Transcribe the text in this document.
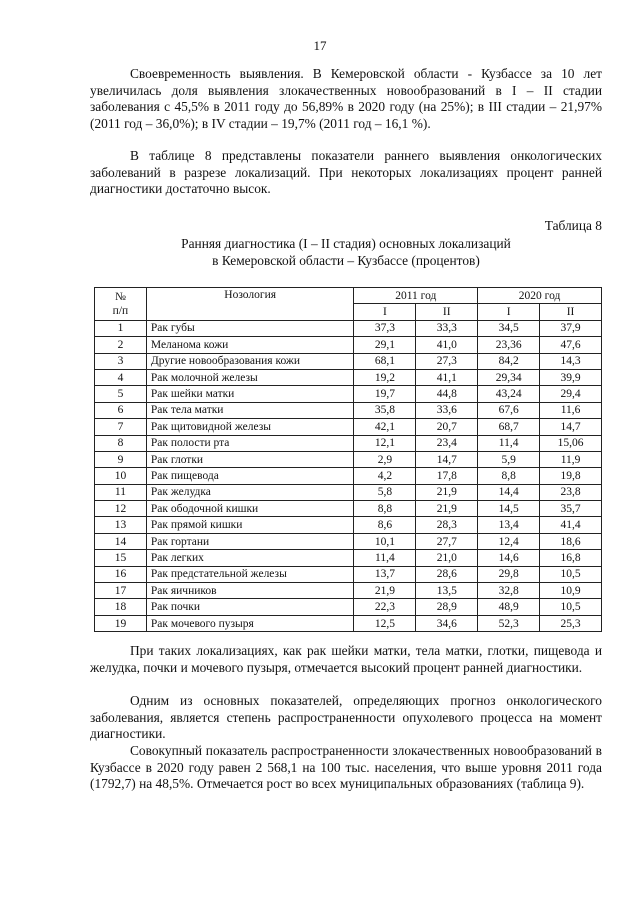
17

Своевременность выявления. В Кемеровской области - Кузбассе за 10 лет увеличилась доля выявления злокачественных новообразований в I – II стадии заболевания с 45,5% в 2011 году до 56,89% в 2020 году (на 25%); в III стадии – 21,97% (2011 год – 36,0%); в IV стадии – 19,7% (2011 год – 16,1 %).

В таблице 8 представлены показатели раннего выявления онкологических заболеваний в разрезе локализаций. При некоторых локализациях процент ранней диагностики достаточно высок.

Таблица 8
Ранняя диагностика (I – II стадия) основных локализаций
в Кемеровской области – Кузбассе (процентов)
№
п/п	Нозология	2011 год		2020 год	
		I	II	I	II
1	Рак губы	37,3	33,3	34,5	37,9
2	Меланома кожи	29,1	41,0	23,36	47,6
3	Другие новообразования кожи	68,1	27,3	84,2	14,3
4	Рак молочной железы	19,2	41,1	29,34	39,9
5	Рак шейки матки	19,7	44,8	43,24	29,4
6	Рак тела матки	35,8	33,6	67,6	11,6
7	Рак щитовидной железы	42,1	20,7	68,7	14,7
8	Рак полости рта	12,1	23,4	11,4	15,06
9	Рак глотки	2,9	14,7	5,9	11,9
10	Рак пищевода	4,2	17,8	8,8	19,8
11	Рак желудка	5,8	21,9	14,4	23,8
12	Рак ободочной кишки	8,8	21,9	14,5	35,7
13	Рак прямой кишки	8,6	28,3	13,4	41,4
14	Рак гортани	10,1	27,7	12,4	18,6
15	Рак легких	11,4	21,0	14,6	16,8
16	Рак предстательной железы	13,7	28,6	29,8	10,5
17	Рак яичников	21,9	13,5	32,8	10,9
18	Рак почки	22,3	28,9	48,9	10,5
19	Рак мочевого пузыря	12,5	34,6	52,3	25,3

При таких локализациях, как рак шейки матки, тела матки, глотки, пищевода и желудка, почки и мочевого пузыря, отмечается высокий процент ранней диагностики.

Одним из основных показателей, определяющих прогноз онкологического заболевания, является степень распространенности опухолевого процесса на момент диагностики.

Совокупный показатель распространенности злокачественных новообразований в Кузбассе в 2020 году равен 2 568,1 на 100 тыс. населения, что выше уровня 2011 года (1792,7) на 48,5%. Отмечается рост во всех муниципальных образованиях (таблица 9).
